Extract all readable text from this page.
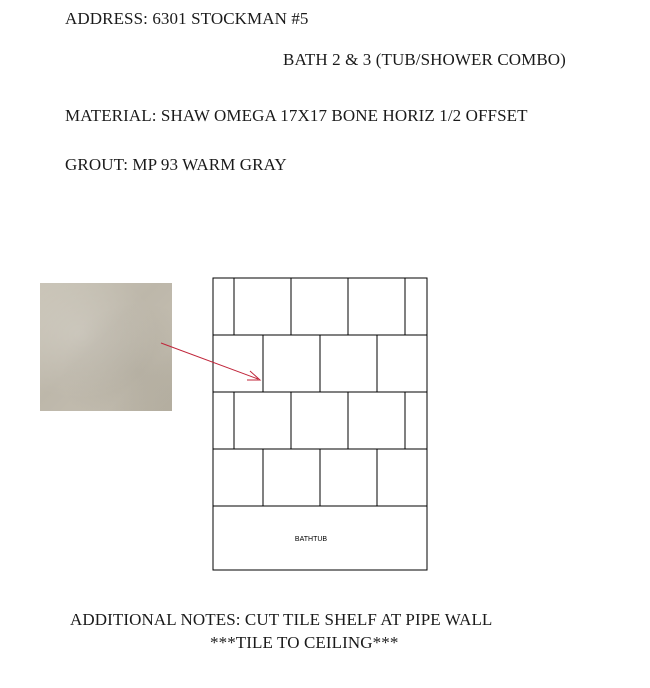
ADDRESS: 6301 STOCKMAN #5
BATH 2 & 3 (TUB/SHOWER COMBO)
MATERIAL: SHAW OMEGA 17X17 BONE HORIZ 1/2 OFFSET
GROUT: MP 93 WARM GRAY
BATHTUB
ADDITIONAL NOTES: CUT TILE SHELF AT PIPE WALL
***TILE TO CEILING***
